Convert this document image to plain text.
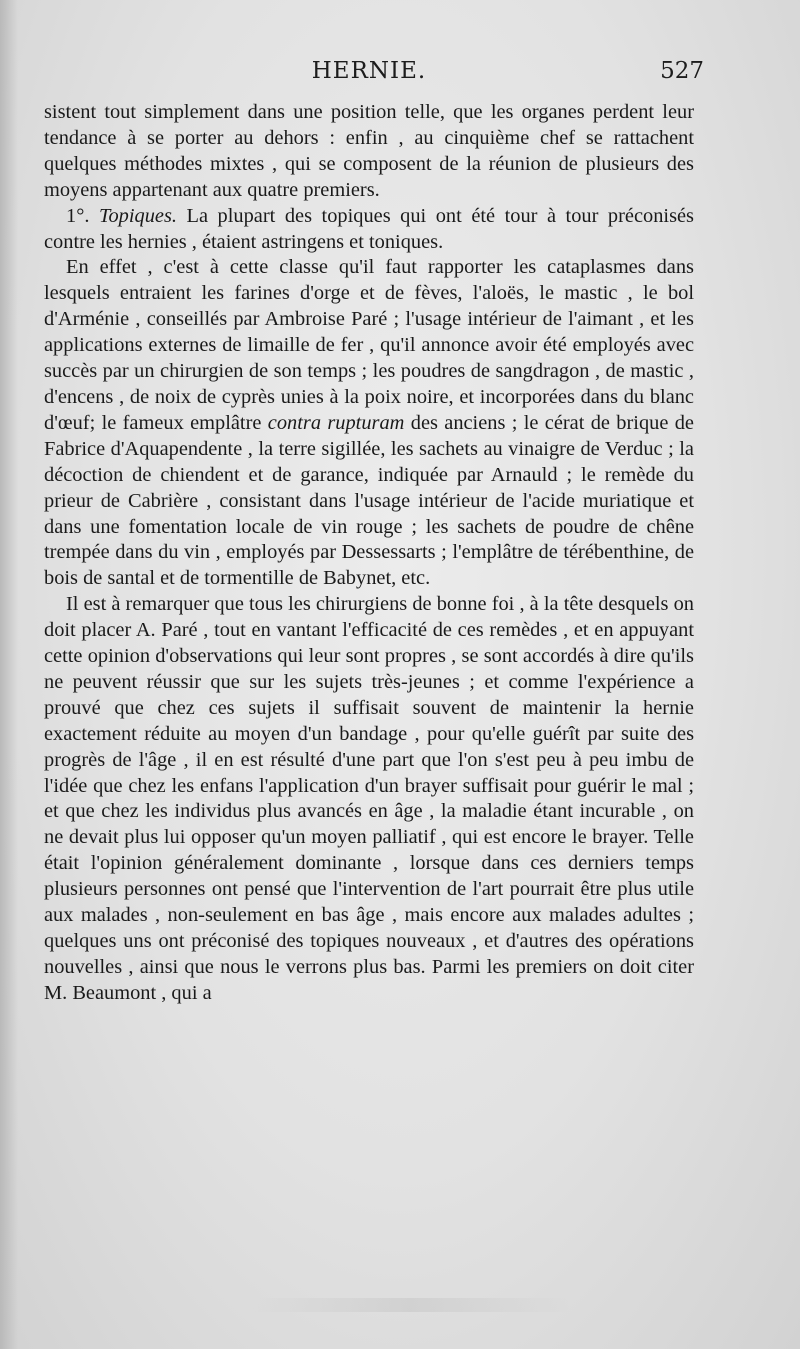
HERNIE.	527

sistent tout simplement dans une position telle, que les organes perdent leur tendance à se porter au dehors : enfin , au cinquième chef se rattachent quelques méthodes mixtes , qui se composent de la réunion de plusieurs des moyens appartenant aux quatre premiers.

1°. Topiques. La plupart des topiques qui ont été tour à tour préconisés contre les hernies , étaient astringens et toniques.

En effet , c'est à cette classe qu'il faut rapporter les cataplasmes dans lesquels entraient les farines d'orge et de fèves, l'aloës, le mastic , le bol d'Arménie , conseillés par Ambroise Paré ; l'usage intérieur de l'aimant , et les applications externes de limaille de fer , qu'il annonce avoir été employés avec succès par un chirurgien de son temps ; les poudres de sangdragon , de mastic , d'encens , de noix de cyprès unies à la poix noire, et incorporées dans du blanc d'œuf; le fameux emplâtre contra rupturam des anciens ; le cérat de brique de Fabrice d'Aquapendente , la terre sigillée, les sachets au vinaigre de Verduc ; la décoction de chiendent et de garance, indiquée par Arnauld ; le remède du prieur de Cabrière , consistant dans l'usage intérieur de l'acide muriatique et dans une fomentation locale de vin rouge ; les sachets de poudre de chêne trempée dans du vin , employés par Dessessarts ; l'emplâtre de térébenthine, de bois de santal et de tormentille de Babynet, etc.

Il est à remarquer que tous les chirurgiens de bonne foi , à la tête desquels on doit placer A. Paré , tout en vantant l'efficacité de ces remèdes , et en appuyant cette opinion d'observations qui leur sont propres , se sont accordés à dire qu'ils ne peuvent réussir que sur les sujets très-jeunes ; et comme l'expérience a prouvé que chez ces sujets il suffisait souvent de maintenir la hernie exactement réduite au moyen d'un bandage , pour qu'elle guérît par suite des progrès de l'âge , il en est résulté d'une part que l'on s'est peu à peu imbu de l'idée que chez les enfans l'application d'un brayer suffisait pour guérir le mal ; et que chez les individus plus avancés en âge , la maladie étant incurable , on ne devait plus lui opposer qu'un moyen palliatif , qui est encore le brayer. Telle était l'opinion généralement dominante , lorsque dans ces derniers temps plusieurs personnes ont pensé que l'intervention de l'art pourrait être plus utile aux malades , non-seulement en bas âge , mais encore aux malades adultes ; quelques uns ont préconisé des topiques nouveaux , et d'autres des opérations nouvelles , ainsi que nous le verrons plus bas. Parmi les premiers on doit citer M. Beaumont , qui a
